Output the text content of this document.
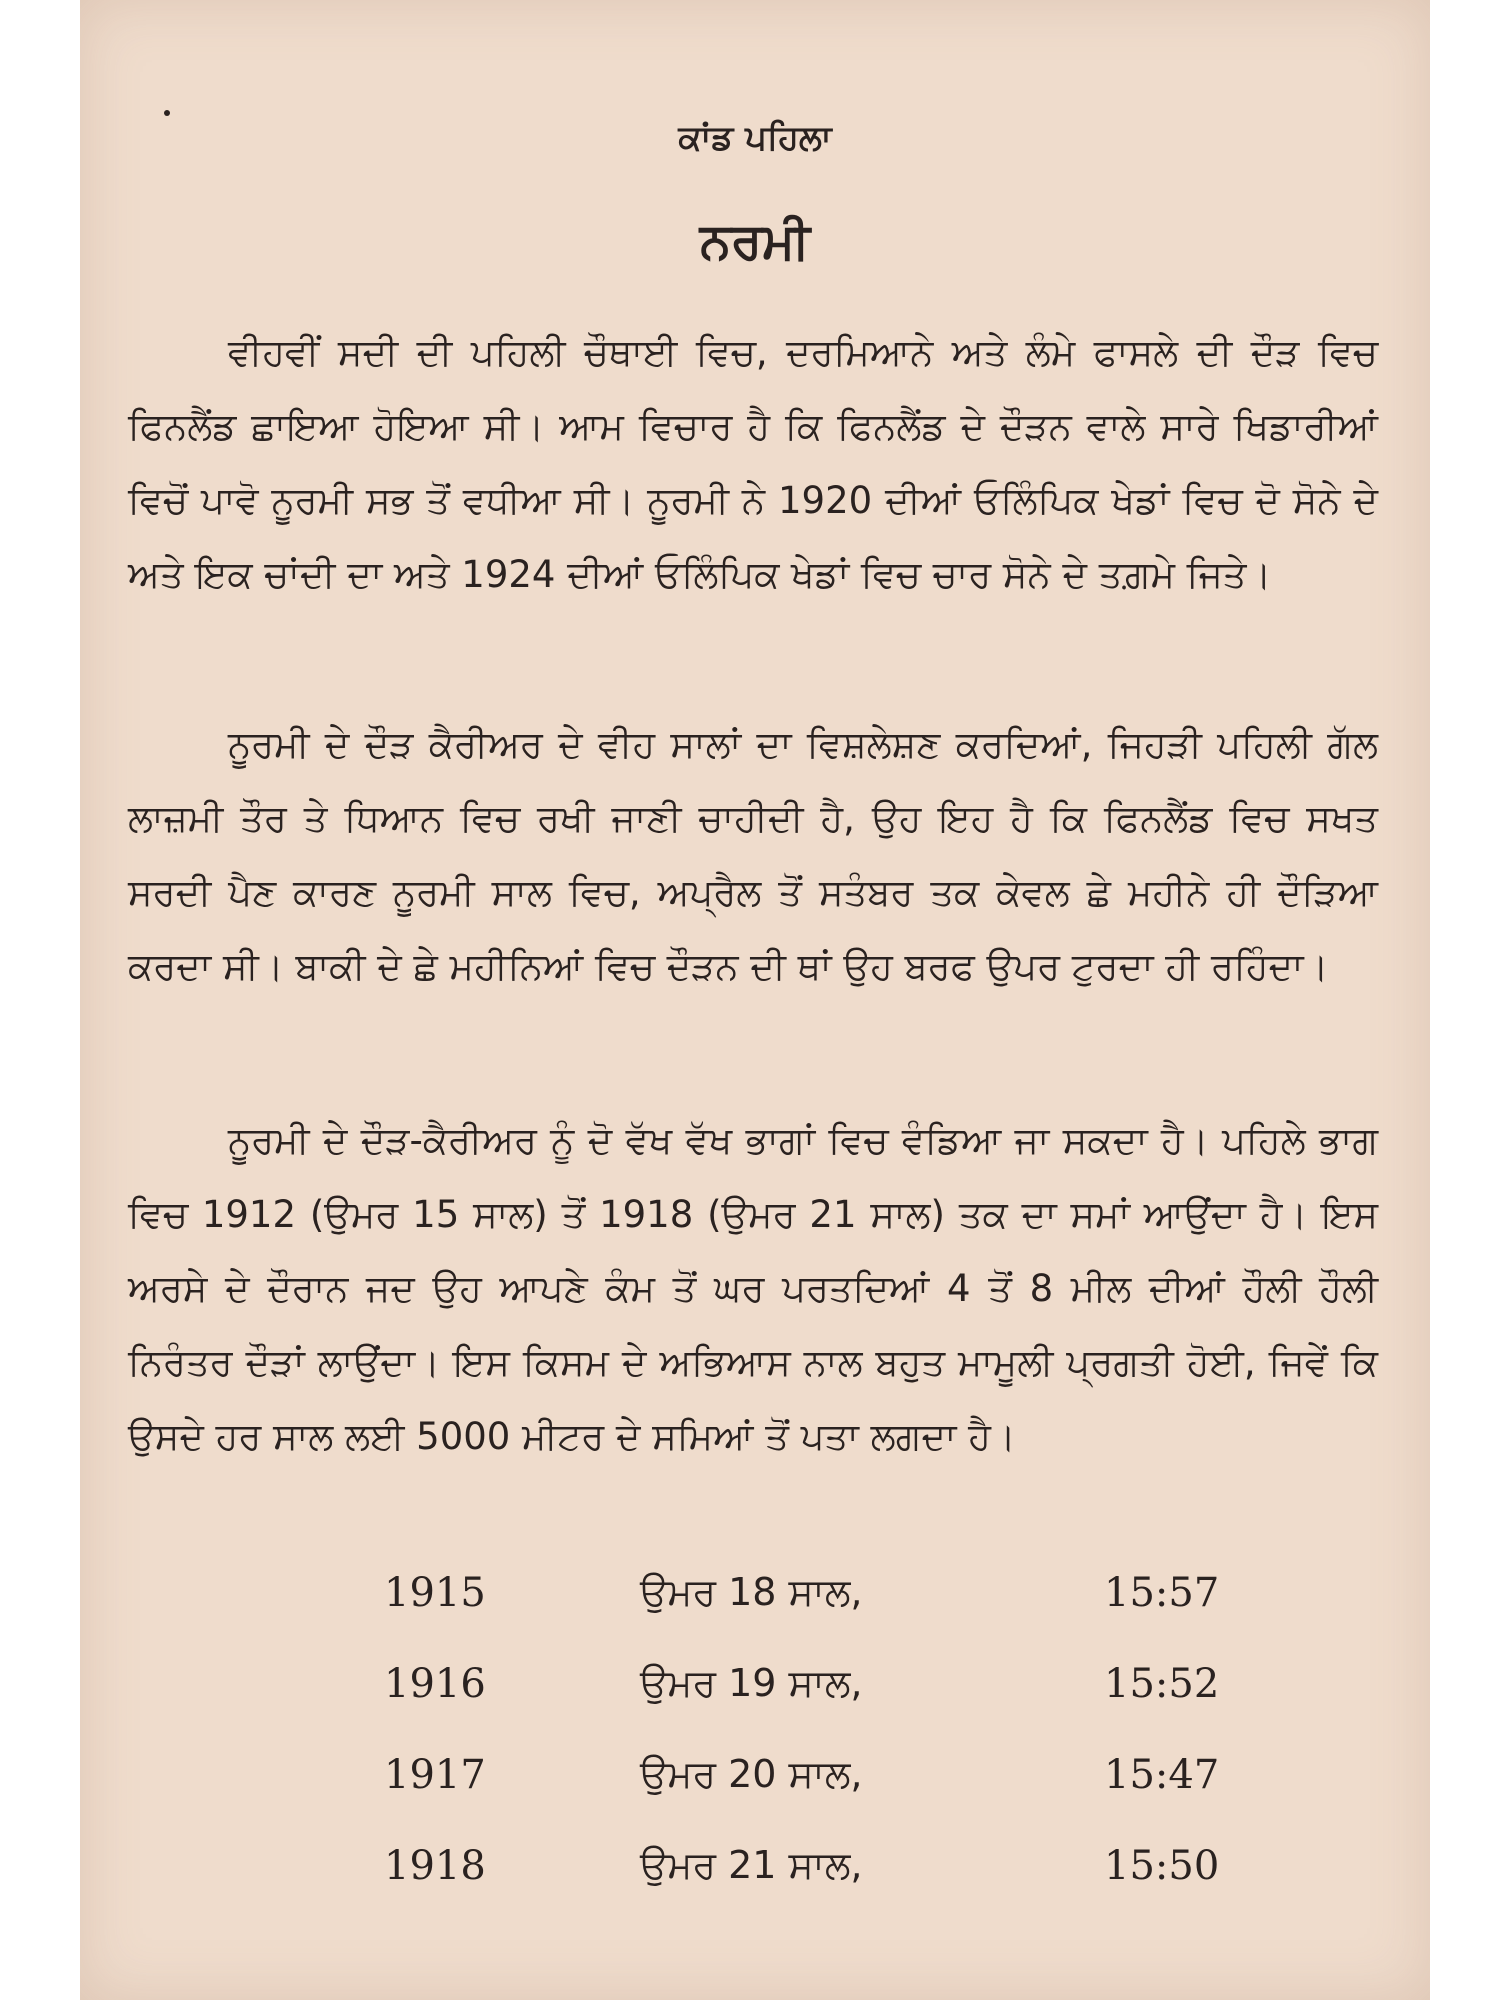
ਕਾਂਡ ਪਹਿਲਾ
ਨਰਮੀ

ਵੀਹਵੀਂ ਸਦੀ ਦੀ ਪਹਿਲੀ ਚੌਥਾਈ ਵਿਚ, ਦਰਮਿਆਨੇ ਅਤੇ ਲੰਮੇ ਫਾਸਲੇ ਦੀ ਦੌੜ ਵਿਚ ਫਿਨਲੈਂਡ ਛਾਇਆ ਹੋਇਆ ਸੀ। ਆਮ ਵਿਚਾਰ ਹੈ ਕਿ ਫਿਨਲੈਂਡ ਦੇ ਦੌੜਨ ਵਾਲੇ ਸਾਰੇ ਖਿਡਾਰੀਆਂ ਵਿਚੋਂ ਪਾਵੋ ਨੂਰਮੀ ਸਭ ਤੋਂ ਵਧੀਆ ਸੀ। ਨੂਰਮੀ ਨੇ 1920 ਦੀਆਂ ਓਲਿੰਪਿਕ ਖੇਡਾਂ ਵਿਚ ਦੋ ਸੋਨੇ ਦੇ ਅਤੇ ਇਕ ਚਾਂਦੀ ਦਾ ਅਤੇ 1924 ਦੀਆਂ ਓਲਿੰਪਿਕ ਖੇਡਾਂ ਵਿਚ ਚਾਰ ਸੋਨੇ ਦੇ ਤਗ਼ਮੇ ਜਿਤੇ।

ਨੂਰਮੀ ਦੇ ਦੌੜ ਕੈਰੀਅਰ ਦੇ ਵੀਹ ਸਾਲਾਂ ਦਾ ਵਿਸ਼ਲੇਸ਼ਣ ਕਰਦਿਆਂ, ਜਿਹੜੀ ਪਹਿਲੀ ਗੱਲ ਲਾਜ਼ਮੀ ਤੌਰ ਤੇ ਧਿਆਨ ਵਿਚ ਰਖੀ ਜਾਣੀ ਚਾਹੀਦੀ ਹੈ, ਉਹ ਇਹ ਹੈ ਕਿ ਫਿਨਲੈਂਡ ਵਿਚ ਸਖਤ ਸਰਦੀ ਪੈਣ ਕਾਰਣ ਨੂਰਮੀ ਸਾਲ ਵਿਚ, ਅਪ੍ਰੈਲ ਤੋਂ ਸਤੰਬਰ ਤਕ ਕੇਵਲ ਛੇ ਮਹੀਨੇ ਹੀ ਦੌੜਿਆ ਕਰਦਾ ਸੀ। ਬਾਕੀ ਦੇ ਛੇ ਮਹੀਨਿਆਂ ਵਿਚ ਦੌੜਨ ਦੀ ਥਾਂ ਉਹ ਬਰਫ ਉਪਰ ਟੁਰਦਾ ਹੀ ਰਹਿੰਦਾ।

ਨੂਰਮੀ ਦੇ ਦੌੜ-ਕੈਰੀਅਰ ਨੂੰ ਦੋ ਵੱਖ ਵੱਖ ਭਾਗਾਂ ਵਿਚ ਵੰਡਿਆ ਜਾ ਸਕਦਾ ਹੈ। ਪਹਿਲੇ ਭਾਗ ਵਿਚ 1912 (ਉਮਰ 15 ਸਾਲ) ਤੋਂ 1918 (ਉਮਰ 21 ਸਾਲ) ਤਕ ਦਾ ਸਮਾਂ ਆਉਂਦਾ ਹੈ। ਇਸ ਅਰਸੇ ਦੇ ਦੌਰਾਨ ਜਦ ਉਹ ਆਪਣੇ ਕੰਮ ਤੋਂ ਘਰ ਪਰਤਦਿਆਂ 4 ਤੋਂ 8 ਮੀਲ ਦੀਆਂ ਹੌਲੀ ਹੌਲੀ ਨਿਰੰਤਰ ਦੌੜਾਂ ਲਾਉਂਦਾ। ਇਸ ਕਿਸਮ ਦੇ ਅਭਿਆਸ ਨਾਲ ਬਹੁਤ ਮਾਮੂਲੀ ਪ੍ਰਗਤੀ ਹੋਈ, ਜਿਵੇਂ ਕਿ ਉਸਦੇ ਹਰ ਸਾਲ ਲਈ 5000 ਮੀਟਰ ਦੇ ਸਮਿਆਂ ਤੋਂ ਪਤਾ ਲਗਦਾ ਹੈ।

1915	ਉਮਰ 18 ਸਾਲ,	15:57
1916	ਉਮਰ 19 ਸਾਲ,	15:52
1917	ਉਮਰ 20 ਸਾਲ,	15:47
1918	ਉਮਰ 21 ਸਾਲ,	15:50
